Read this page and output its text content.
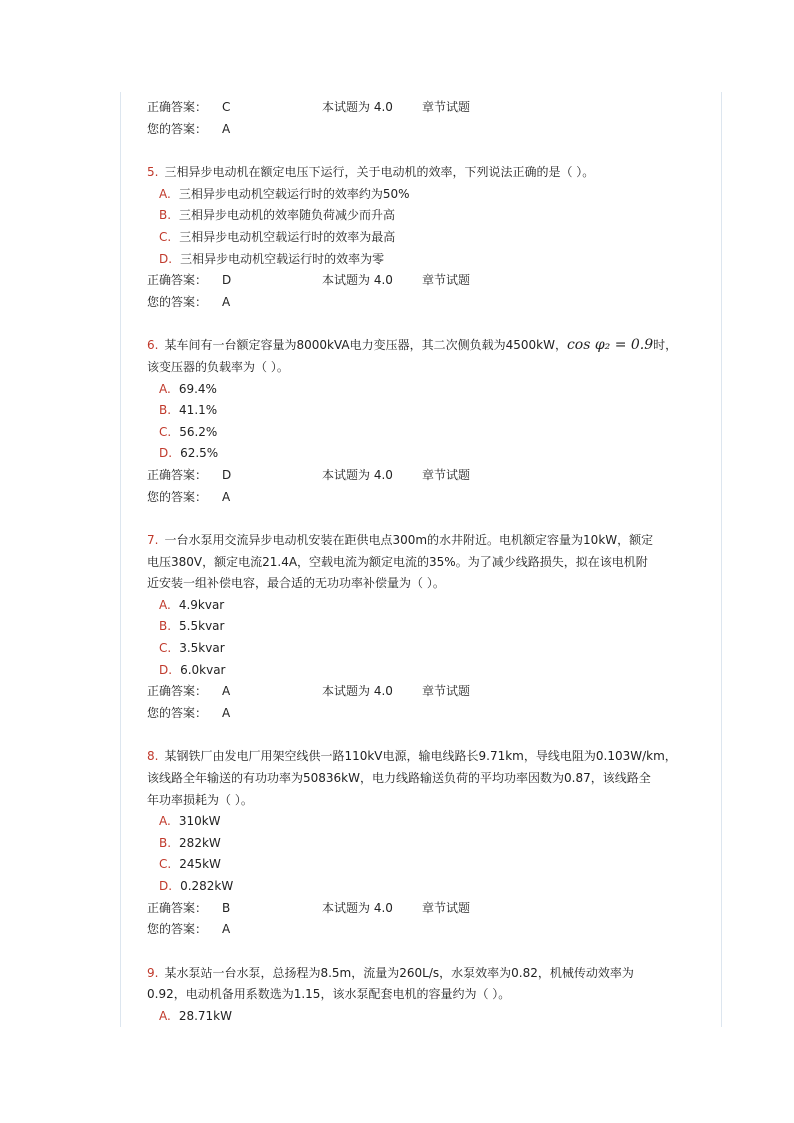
正确答案：	C	本试题为 4.0	章节试题
您的答案：	A
5. 三相异步电动机在额定电压下运行，关于电动机的效率，下列说法正确的是（ ）。
A. 三相异步电动机空载运行时的效率约为50%
B. 三相异步电动机的效率随负荷减少而升高
C. 三相异步电动机空载运行时的效率为最高
D. 三相异步电动机空载运行时的效率为零
正确答案：	D	本试题为 4.0	章节试题
您的答案：	A
6. 某车间有一台额定容量为8000kVA电力变压器，其二次侧负载为4500kW，cos φ₂ = 0.9时，
该变压器的负载率为（ ）。
A. 69.4%
B. 41.1%
C. 56.2%
D. 62.5%
正确答案：	D	本试题为 4.0	章节试题
您的答案：	A
7. 一台水泵用交流异步电动机安装在距供电点300m的水井附近。电机额定容量为10kW，额定
电压380V，额定电流21.4A，空载电流为额定电流的35%。为了减少线路损失，拟在该电机附
近安装一组补偿电容，最合适的无功功率补偿量为（ ）。
A. 4.9kvar
B. 5.5kvar
C. 3.5kvar
D. 6.0kvar
正确答案：	A	本试题为 4.0	章节试题
您的答案：	A
8. 某钢铁厂由发电厂用架空线供一路110kV电源，输电线路长9.71km，导线电阻为0.103W/km，
该线路全年输送的有功功率为50836kW，电力线路输送负荷的平均功率因数为0.87，该线路全
年功率损耗为（ ）。
A. 310kW
B. 282kW
C. 245kW
D. 0.282kW
正确答案：	B	本试题为 4.0	章节试题
您的答案：	A
9. 某水泵站一台水泵，总扬程为8.5m，流量为260L/s，水泵效率为0.82，机械传动效率为
0.92，电动机备用系数选为1.15，该水泵配套电机的容量约为（ ）。
A. 28.71kW
